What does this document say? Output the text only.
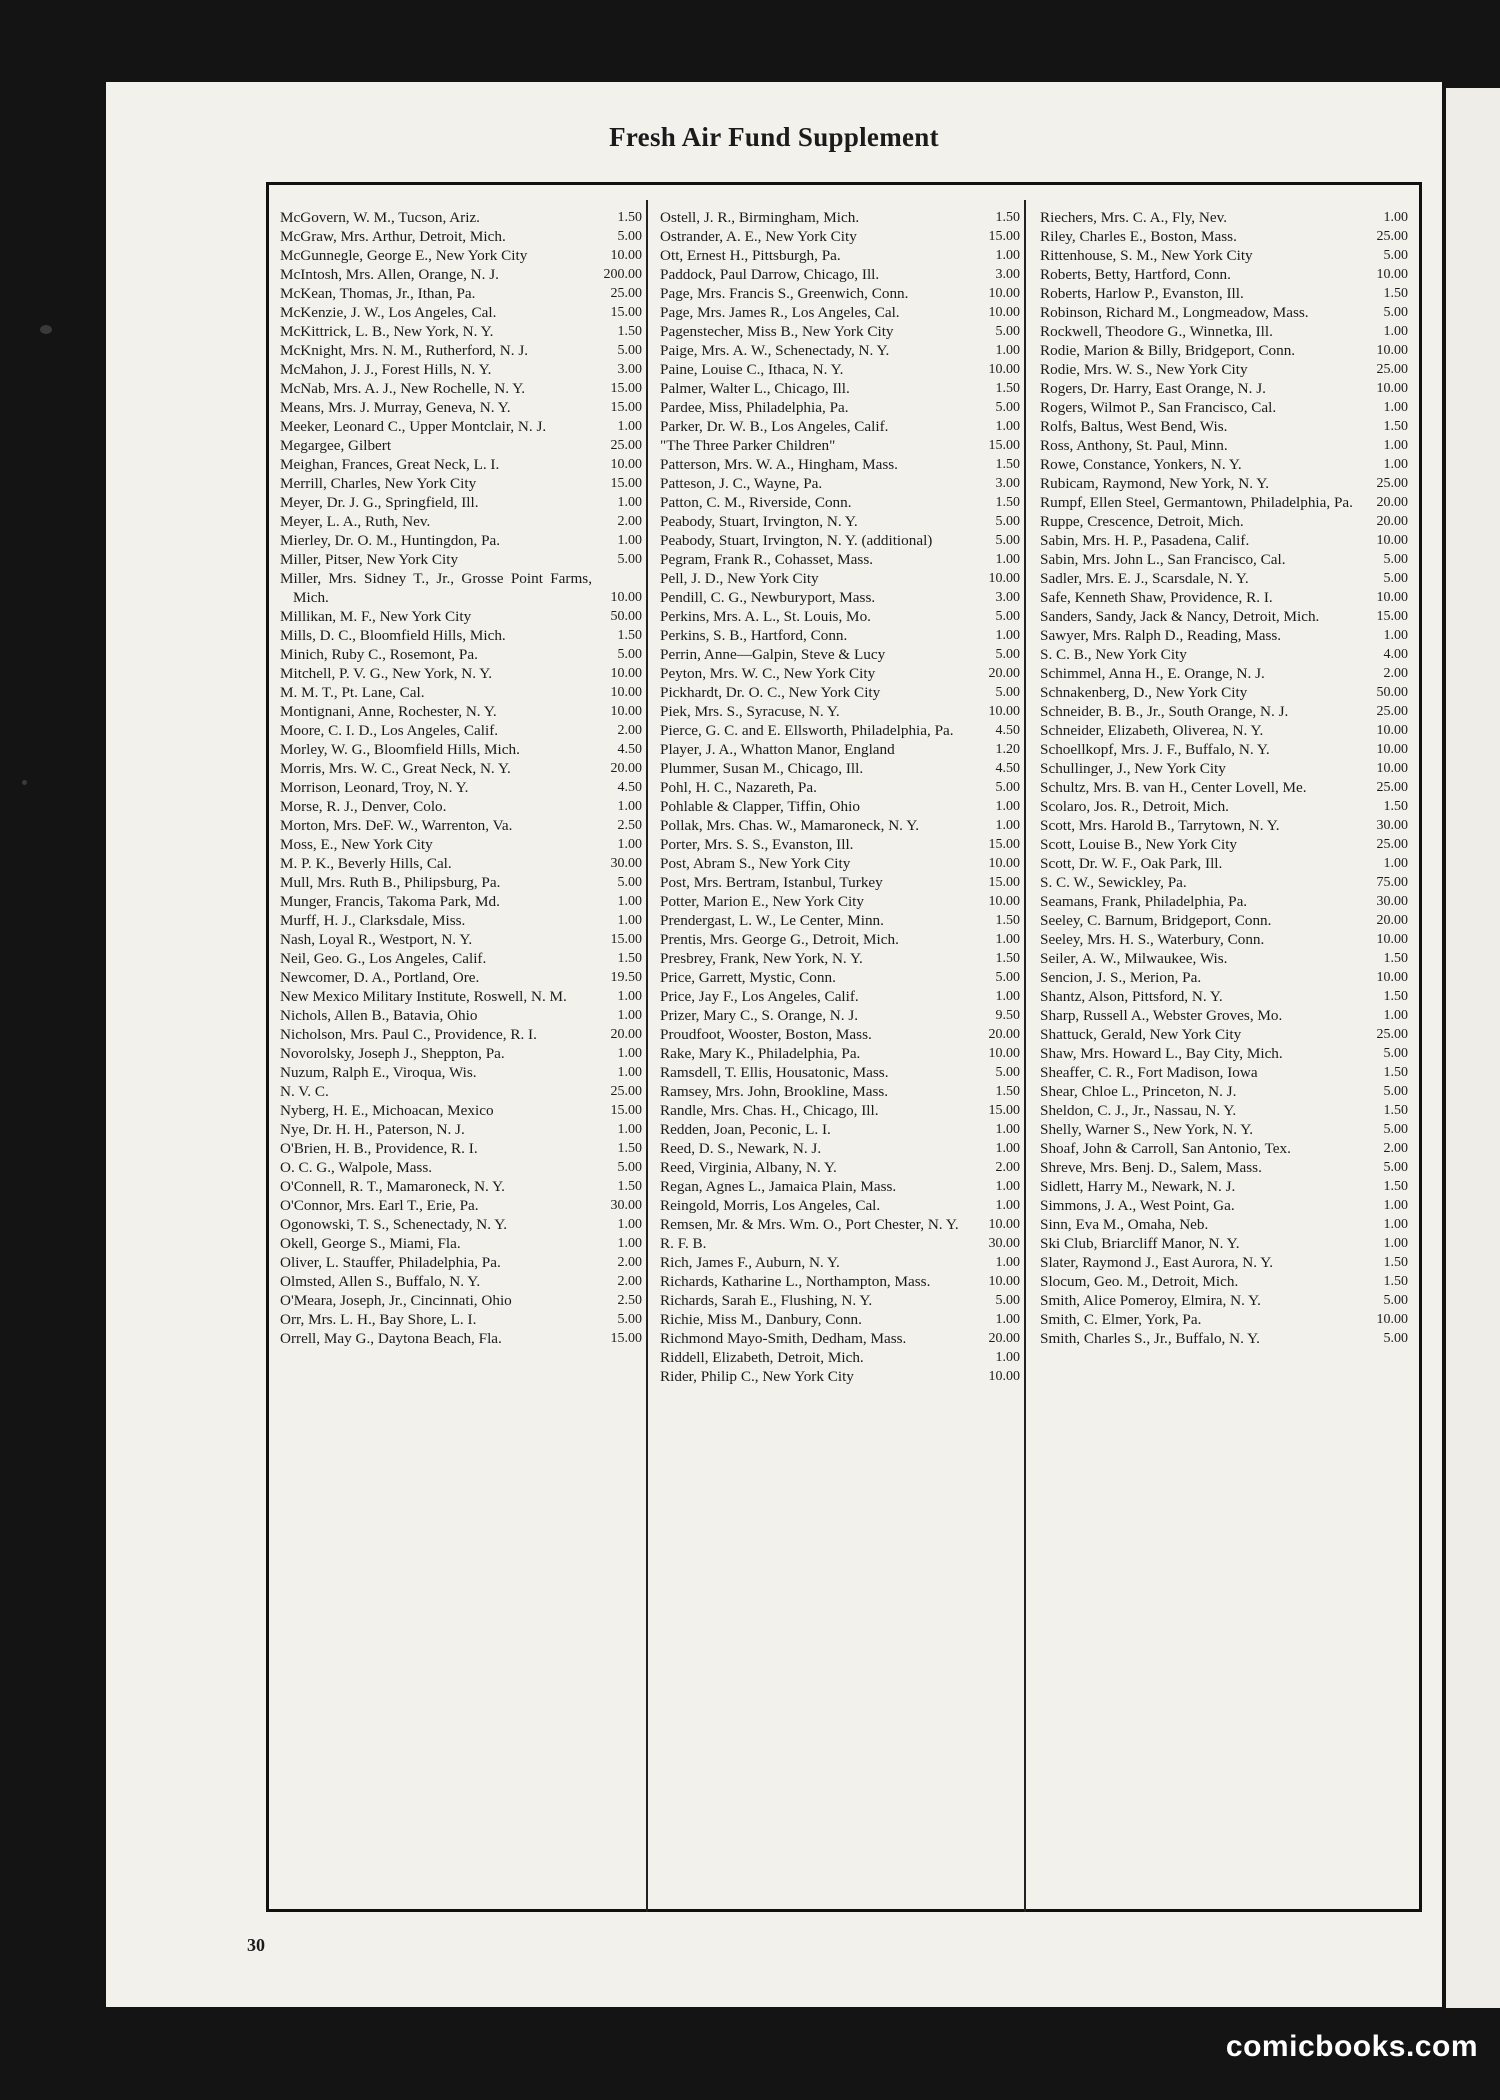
Fresh Air Fund Supplement
McGovern, W. M., Tucson, Ariz.	1.50
McGraw, Mrs. Arthur, Detroit, Mich.	5.00
McGunnegle, George E., New York City	10.00
McIntosh, Mrs. Allen, Orange, N. J.	200.00
McKean, Thomas, Jr., Ithan, Pa.	25.00
McKenzie, J. W., Los Angeles, Cal.	15.00
McKittrick, L. B., New York, N. Y.	1.50
McKnight, Mrs. N. M., Rutherford, N. J.	5.00
McMahon, J. J., Forest Hills, N. Y.	3.00
McNab, Mrs. A. J., New Rochelle, N. Y.	15.00
Means, Mrs. J. Murray, Geneva, N. Y.	15.00
Meeker, Leonard C., Upper Montclair, N. J.	1.00
Megargee, Gilbert	25.00
Meighan, Frances, Great Neck, L. I.	10.00
Merrill, Charles, New York City	15.00
Meyer, Dr. J. G., Springfield, Ill.	1.00
Meyer, L. A., Ruth, Nev.	2.00
Mierley, Dr. O. M., Huntingdon, Pa.	1.00
Miller, Pitser, New York City	5.00
Miller, Mrs. Sidney T., Jr., Grosse Point Farms, Mich.	10.00
Millikan, M. F., New York City	50.00
Mills, D. C., Bloomfield Hills, Mich.	1.50
Minich, Ruby C., Rosemont, Pa.	5.00
Mitchell, P. V. G., New York, N. Y.	10.00
M. M. T., Pt. Lane, Cal.	10.00
Montignani, Anne, Rochester, N. Y.	10.00
Moore, C. I. D., Los Angeles, Calif.	2.00
Morley, W. G., Bloomfield Hills, Mich.	4.50
Morris, Mrs. W. C., Great Neck, N. Y.	20.00
Morrison, Leonard, Troy, N. Y.	4.50
Morse, R. J., Denver, Colo.	1.00
Morton, Mrs. DeF. W., Warrenton, Va.	2.50
Moss, E., New York City	1.00
M. P. K., Beverly Hills, Cal.	30.00
Mull, Mrs. Ruth B., Philipsburg, Pa.	5.00
Munger, Francis, Takoma Park, Md.	1.00
Murff, H. J., Clarksdale, Miss.	1.00
Nash, Loyal R., Westport, N. Y.	15.00
Neil, Geo. G., Los Angeles, Calif.	1.50
Newcomer, D. A., Portland, Ore.	19.50
New Mexico Military Institute, Roswell, N. M.	1.00
Nichols, Allen B., Batavia, Ohio	1.00
Nicholson, Mrs. Paul C., Providence, R. I.	20.00
Novorolsky, Joseph J., Sheppton, Pa.	1.00
Nuzum, Ralph E., Viroqua, Wis.	1.00
N. V. C.	25.00
Nyberg, H. E., Michoacan, Mexico	15.00
Nye, Dr. H. H., Paterson, N. J.	1.00
O'Brien, H. B., Providence, R. I.	1.50
O. C. G., Walpole, Mass.	5.00
O'Connell, R. T., Mamaroneck, N. Y.	1.50
O'Connor, Mrs. Earl T., Erie, Pa.	30.00
Ogonowski, T. S., Schenectady, N. Y.	1.00
Okell, George S., Miami, Fla.	1.00
Oliver, L. Stauffer, Philadelphia, Pa.	2.00
Olmsted, Allen S., Buffalo, N. Y.	2.00
O'Meara, Joseph, Jr., Cincinnati, Ohio	2.50
Orr, Mrs. L. H., Bay Shore, L. I.	5.00
Orrell, May G., Daytona Beach, Fla.	15.00
Ostell, J. R., Birmingham, Mich.	1.50
Ostrander, A. E., New York City	15.00
Ott, Ernest H., Pittsburgh, Pa.	1.00
Paddock, Paul Darrow, Chicago, Ill.	3.00
Page, Mrs. Francis S., Greenwich, Conn.	10.00
Page, Mrs. James R., Los Angeles, Cal.	10.00
Pagenstecher, Miss B., New York City	5.00
Paige, Mrs. A. W., Schenectady, N. Y.	1.00
Paine, Louise C., Ithaca, N. Y.	10.00
Palmer, Walter L., Chicago, Ill.	1.50
Pardee, Miss, Philadelphia, Pa.	5.00
Parker, Dr. W. B., Los Angeles, Calif.	1.00
"The Three Parker Children"	15.00
Patterson, Mrs. W. A., Hingham, Mass.	1.50
Patteson, J. C., Wayne, Pa.	3.00
Patton, C. M., Riverside, Conn.	1.50
Peabody, Stuart, Irvington, N. Y.	5.00
Peabody, Stuart, Irvington, N. Y. (additional)	5.00
Pegram, Frank R., Cohasset, Mass.	1.00
Pell, J. D., New York City	10.00
Pendill, C. G., Newburyport, Mass.	3.00
Perkins, Mrs. A. L., St. Louis, Mo.	5.00
Perkins, S. B., Hartford, Conn.	1.00
Perrin, Anne—Galpin, Steve & Lucy	5.00
Peyton, Mrs. W. C., New York City	20.00
Pickhardt, Dr. O. C., New York City	5.00
Piek, Mrs. S., Syracuse, N. Y.	10.00
Pierce, G. C. and E. Ellsworth, Philadelphia, Pa.	4.50
Player, J. A., Whatton Manor, England	1.20
Plummer, Susan M., Chicago, Ill.	4.50
Pohl, H. C., Nazareth, Pa.	5.00
Pohlable & Clapper, Tiffin, Ohio	1.00
Pollak, Mrs. Chas. W., Mamaroneck, N. Y.	1.00
Porter, Mrs. S. S., Evanston, Ill.	15.00
Post, Abram S., New York City	10.00
Post, Mrs. Bertram, Istanbul, Turkey	15.00
Potter, Marion E., New York City	10.00
Prendergast, L. W., Le Center, Minn.	1.50
Prentis, Mrs. George G., Detroit, Mich.	1.00
Presbrey, Frank, New York, N. Y.	1.50
Price, Garrett, Mystic, Conn.	5.00
Price, Jay F., Los Angeles, Calif.	1.00
Prizer, Mary C., S. Orange, N. J.	9.50
Proudfoot, Wooster, Boston, Mass.	20.00
Rake, Mary K., Philadelphia, Pa.	10.00
Ramsdell, T. Ellis, Housatonic, Mass.	5.00
Ramsey, Mrs. John, Brookline, Mass.	1.50
Randle, Mrs. Chas. H., Chicago, Ill.	15.00
Redden, Joan, Peconic, L. I.	1.00
Reed, D. S., Newark, N. J.	1.00
Reed, Virginia, Albany, N. Y.	2.00
Regan, Agnes L., Jamaica Plain, Mass.	1.00
Reingold, Morris, Los Angeles, Cal.	1.00
Remsen, Mr. & Mrs. Wm. O., Port Chester, N. Y.	10.00
R. F. B.	30.00
Rich, James F., Auburn, N. Y.	1.00
Richards, Katharine L., Northampton, Mass.	10.00
Richards, Sarah E., Flushing, N. Y.	5.00
Richie, Miss M., Danbury, Conn.	1.00
Richmond Mayo-Smith, Dedham, Mass.	20.00
Riddell, Elizabeth, Detroit, Mich.	1.00
Rider, Philip C., New York City	10.00
Riechers, Mrs. C. A., Fly, Nev.	1.00
Riley, Charles E., Boston, Mass.	25.00
Rittenhouse, S. M., New York City	5.00
Roberts, Betty, Hartford, Conn.	10.00
Roberts, Harlow P., Evanston, Ill.	1.50
Robinson, Richard M., Longmeadow, Mass.	5.00
Rockwell, Theodore G., Winnetka, Ill.	1.00
Rodie, Marion & Billy, Bridgeport, Conn.	10.00
Rodie, Mrs. W. S., New York City	25.00
Rogers, Dr. Harry, East Orange, N. J.	10.00
Rogers, Wilmot P., San Francisco, Cal.	1.00
Rolfs, Baltus, West Bend, Wis.	1.50
Ross, Anthony, St. Paul, Minn.	1.00
Rowe, Constance, Yonkers, N. Y.	1.00
Rubicam, Raymond, New York, N. Y.	25.00
Rumpf, Ellen Steel, Germantown, Philadelphia, Pa.	20.00
Ruppe, Crescence, Detroit, Mich.	20.00
Sabin, Mrs. H. P., Pasadena, Calif.	10.00
Sabin, Mrs. John L., San Francisco, Cal.	5.00
Sadler, Mrs. E. J., Scarsdale, N. Y.	5.00
Safe, Kenneth Shaw, Providence, R. I.	10.00
Sanders, Sandy, Jack & Nancy, Detroit, Mich.	15.00
Sawyer, Mrs. Ralph D., Reading, Mass.	1.00
S. C. B., New York City	4.00
Schimmel, Anna H., E. Orange, N. J.	2.00
Schnakenberg, D., New York City	50.00
Schneider, B. B., Jr., South Orange, N. J.	25.00
Schneider, Elizabeth, Oliverea, N. Y.	10.00
Schoellkopf, Mrs. J. F., Buffalo, N. Y.	10.00
Schullinger, J., New York City	10.00
Schultz, Mrs. B. van H., Center Lovell, Me.	25.00
Scolaro, Jos. R., Detroit, Mich.	1.50
Scott, Mrs. Harold B., Tarrytown, N. Y.	30.00
Scott, Louise B., New York City	25.00
Scott, Dr. W. F., Oak Park, Ill.	1.00
S. C. W., Sewickley, Pa.	75.00
Seamans, Frank, Philadelphia, Pa.	30.00
Seeley, C. Barnum, Bridgeport, Conn.	20.00
Seeley, Mrs. H. S., Waterbury, Conn.	10.00
Seiler, A. W., Milwaukee, Wis.	1.50
Sencion, J. S., Merion, Pa.	10.00
Shantz, Alson, Pittsford, N. Y.	1.50
Sharp, Russell A., Webster Groves, Mo.	1.00
Shattuck, Gerald, New York City	25.00
Shaw, Mrs. Howard L., Bay City, Mich.	5.00
Sheaffer, C. R., Fort Madison, Iowa	1.50
Shear, Chloe L., Princeton, N. J.	5.00
Sheldon, C. J., Jr., Nassau, N. Y.	1.50
Shelly, Warner S., New York, N. Y.	5.00
Shoaf, John & Carroll, San Antonio, Tex.	2.00
Shreve, Mrs. Benj. D., Salem, Mass.	5.00
Sidlett, Harry M., Newark, N. J.	1.50
Simmons, J. A., West Point, Ga.	1.00
Sinn, Eva M., Omaha, Neb.	1.00
Ski Club, Briarcliff Manor, N. Y.	1.00
Slater, Raymond J., East Aurora, N. Y.	1.50
Slocum, Geo. M., Detroit, Mich.	1.50
Smith, Alice Pomeroy, Elmira, N. Y.	5.00
Smith, C. Elmer, York, Pa.	10.00
Smith, Charles S., Jr., Buffalo, N. Y.	5.00
30
comicbooks.com
